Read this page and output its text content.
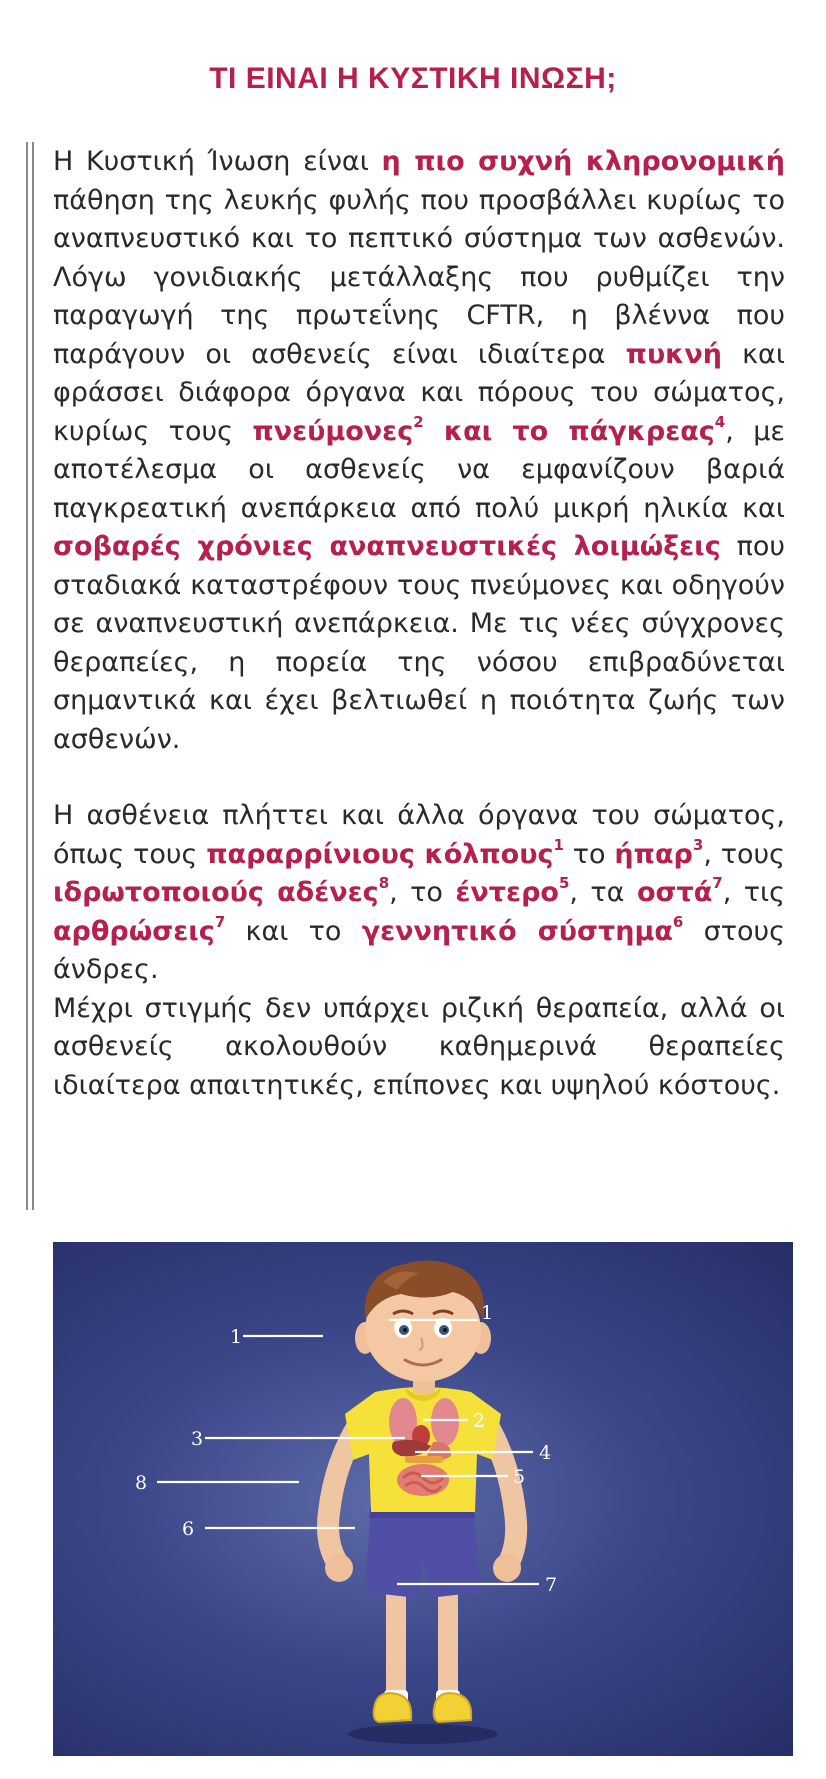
ΤΙ ΕΙΝΑΙ Η ΚΥΣΤΙΚΗ ΙΝΩΣΗ;

Η Κυστική Ίνωση είναι η πιο συχνή κληρονομική πάθηση της λευκής φυλής που προσβάλλει κυρίως το αναπνευστικό και το πεπτικό σύστημα των ασθενών. Λόγω γονιδιακής μετάλλαξης που ρυθμίζει την παραγωγή της πρωτεΐνης CFTR, η βλέννα που παράγουν οι ασθενείς είναι ιδιαίτερα πυκνή και φράσσει διάφορα όργανα και πόρους του σώματος, κυρίως τους πνεύμονες$^2$ και το πάγκρεας$^4$, με αποτέλεσμα οι ασθενείς να εμφανίζουν βαριά παγκρεατική ανεπάρκεια από πολύ μικρή ηλικία και σοβαρές χρόνιες αναπνευστικές λοιμώξεις που σταδιακά καταστρέφουν τους πνεύμονες και οδηγούν σε αναπνευστική ανεπάρκεια. Με τις νέες σύγχρονες θεραπείες, η πορεία της νόσου επιβραδύνεται σημαντικά και έχει βελτιωθεί η ποιότητα ζωής των ασθενών.

Η ασθένεια πλήττει και άλλα όργανα του σώματος, όπως τους παραρρίνιους κόλπους$^1$ το ήπαρ$^3$, τους ιδρωτοποιούς αδένες$^8$, το έντερο$^5$, τα οστά$^7$, τις αρθρώσεις$^7$ και το γεννητικό σύστημα$^6$ στους άνδρες.

Μέχρι στιγμής δεν υπάρχει ριζική θεραπεία, αλλά οι ασθενείς ακολουθούν καθημερινά θεραπείες ιδιαίτερα απαιτητικές, επίπονες και υψηλού κόστους.

1
1
2
3
4
5
8
6
7
